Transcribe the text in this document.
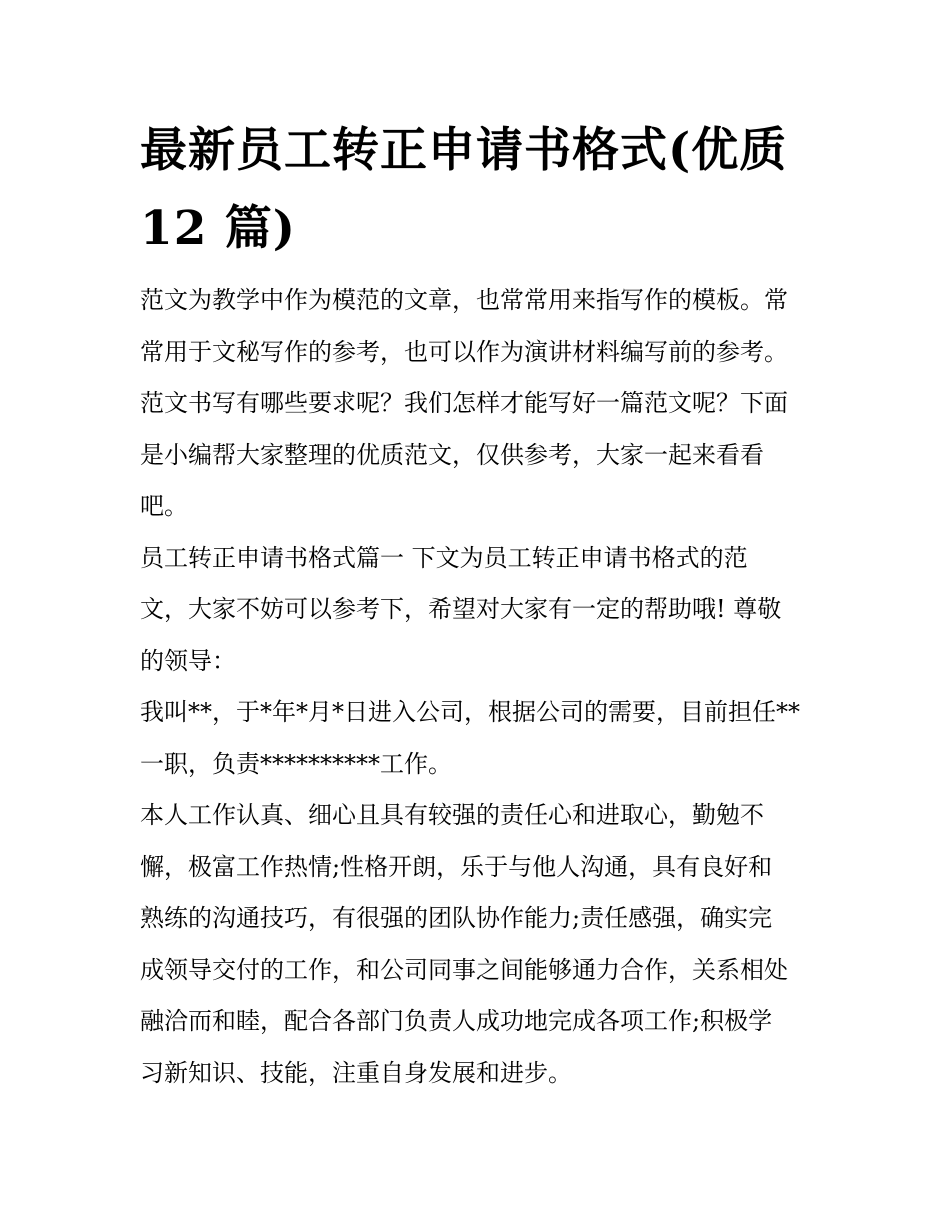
最新员工转正申请书格式(优质
12 篇)

范文为教学中作为模范的文章，也常常用来指写作的模板。常
常用于文秘写作的参考，也可以作为演讲材料编写前的参考。
范文书写有哪些要求呢？我们怎样才能写好一篇范文呢？下面
是小编帮大家整理的优质范文，仅供参考，大家一起来看看
吧。

员工转正申请书格式篇一 下文为员工转正申请书格式的范
文，大家不妨可以参考下，希望对大家有一定的帮助哦! 尊敬
的领导：

我叫**，于*年*月*日进入公司，根据公司的需要，目前担任**
一职，负责**********工作。

本人工作认真、细心且具有较强的责任心和进取心，勤勉不
懈，极富工作热情;性格开朗，乐于与他人沟通，具有良好和
熟练的沟通技巧，有很强的团队协作能力;责任感强，确实完
成领导交付的工作，和公司同事之间能够通力合作，关系相处
融洽而和睦，配合各部门负责人成功地完成各项工作;积极学
习新知识、技能，注重自身发展和进步。
